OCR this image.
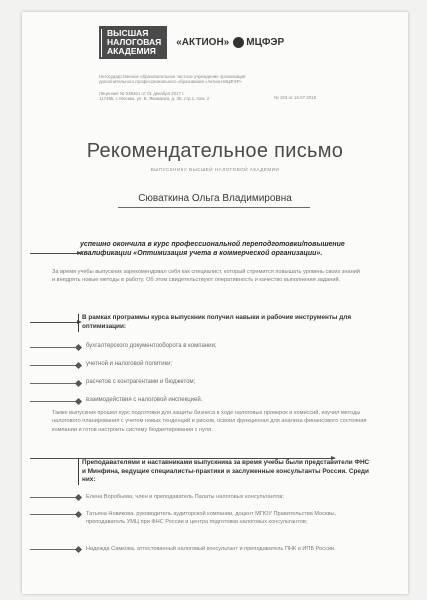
ВЫСШАЯ
НАЛОГОВАЯ
АКАДЕМИЯ
«АКТИОН» МЦФЭР
Негосударственное образовательное частное учреждение организация
дополнительного профессионального образования «Актион-МЦФЭР»
Лицензия № 038461 от 01 декабря 2017 г.
117485, г. Москва, ул. Б. Якиманка, д. 35, стр.1, пом. 2	№ 153 от 16.07.2018
Рекомендательное письмо
ВЫПУСКНИКУ ВЫСШЕЙ НАЛОГОВОЙ АКАДЕМИИ
Сюваткина Ольга Владимировна
успешно окончила в курс профессиональной переподготовки/повышение квалификации «Оптимизация учета в коммерческой организации».
За время учебы выпускник зарекомендовал себя как специалист, который стремится повышать уровень своих знаний и внедрять новые методы в работу. Об этом свидетельствуют оперативность и качество выполнения заданий.
В рамках программы курса выпускник получил навыки и рабочие инструменты для оптимизации:
бухгалтерского документооборота в компании;
учетной и налоговой политики;
расчетов с контрагентами и бюджетом;
взаимодействия с налоговой инспекцией.
Также выпускник прошел курс подготовки для защиты бизнеса в ходе налоговых проверок и комиссий, изучил методы налогового планирования с учетом новых тенденций и рисков, освоил функционал для анализа финансового состояния компании и готов настроить систему бюджетирования с нуля.
Преподавателями и наставниками выпускника за время учебы были представители ФНС и Минфина, ведущие специалисты-практики и заслуженные консультанты России. Среди них:
Елена Воробьева, член и преподаватель Палаты налоговых консультантов;
Татьяна Новикова, руководитель аудиторской компании, доцент МГЮУ Правительства Москвы, преподаватель УМЦ при ФНС России и центра подготовки налоговых консультантов;
Надежда Самкова, аттестованный налоговый консультант и преподаватель ПНК и ИПБ России.
